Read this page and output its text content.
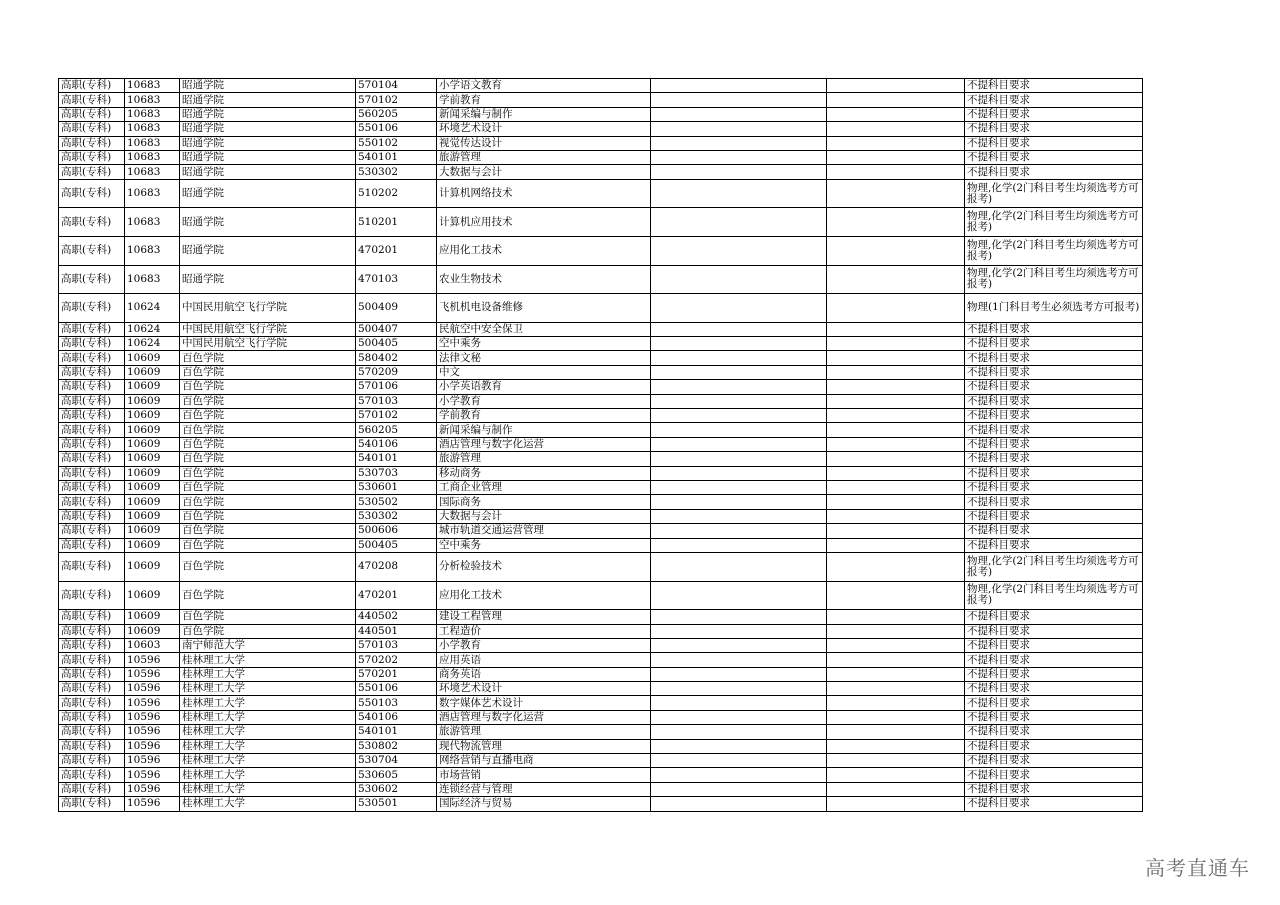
高职(专科)	10683	昭通学院	570104	小学语文教育			不提科目要求
高职(专科)	10683	昭通学院	570102	学前教育			不提科目要求
高职(专科)	10683	昭通学院	560205	新闻采编与制作			不提科目要求
高职(专科)	10683	昭通学院	550106	环境艺术设计			不提科目要求
高职(专科)	10683	昭通学院	550102	视觉传达设计			不提科目要求
高职(专科)	10683	昭通学院	540101	旅游管理			不提科目要求
高职(专科)	10683	昭通学院	530302	大数据与会计			不提科目要求
高职(专科)	10683	昭通学院	510202	计算机网络技术			物理,化学(2门科目考生均须选考方可报考)
高职(专科)	10683	昭通学院	510201	计算机应用技术			物理,化学(2门科目考生均须选考方可报考)
高职(专科)	10683	昭通学院	470201	应用化工技术			物理,化学(2门科目考生均须选考方可报考)
高职(专科)	10683	昭通学院	470103	农业生物技术			物理,化学(2门科目考生均须选考方可报考)
高职(专科)	10624	中国民用航空飞行学院	500409	飞机机电设备维修			物理(1门科目考生必须选考方可报考)
高职(专科)	10624	中国民用航空飞行学院	500407	民航空中安全保卫			不提科目要求
高职(专科)	10624	中国民用航空飞行学院	500405	空中乘务			不提科目要求
高职(专科)	10609	百色学院	580402	法律文秘			不提科目要求
高职(专科)	10609	百色学院	570209	中文			不提科目要求
高职(专科)	10609	百色学院	570106	小学英语教育			不提科目要求
高职(专科)	10609	百色学院	570103	小学教育			不提科目要求
高职(专科)	10609	百色学院	570102	学前教育			不提科目要求
高职(专科)	10609	百色学院	560205	新闻采编与制作			不提科目要求
高职(专科)	10609	百色学院	540106	酒店管理与数字化运营			不提科目要求
高职(专科)	10609	百色学院	540101	旅游管理			不提科目要求
高职(专科)	10609	百色学院	530703	移动商务			不提科目要求
高职(专科)	10609	百色学院	530601	工商企业管理			不提科目要求
高职(专科)	10609	百色学院	530502	国际商务			不提科目要求
高职(专科)	10609	百色学院	530302	大数据与会计			不提科目要求
高职(专科)	10609	百色学院	500606	城市轨道交通运营管理			不提科目要求
高职(专科)	10609	百色学院	500405	空中乘务			不提科目要求
高职(专科)	10609	百色学院	470208	分析检验技术			物理,化学(2门科目考生均须选考方可报考)
高职(专科)	10609	百色学院	470201	应用化工技术			物理,化学(2门科目考生均须选考方可报考)
高职(专科)	10609	百色学院	440502	建设工程管理			不提科目要求
高职(专科)	10609	百色学院	440501	工程造价			不提科目要求
高职(专科)	10603	南宁师范大学	570103	小学教育			不提科目要求
高职(专科)	10596	桂林理工大学	570202	应用英语			不提科目要求
高职(专科)	10596	桂林理工大学	570201	商务英语			不提科目要求
高职(专科)	10596	桂林理工大学	550106	环境艺术设计			不提科目要求
高职(专科)	10596	桂林理工大学	550103	数字媒体艺术设计			不提科目要求
高职(专科)	10596	桂林理工大学	540106	酒店管理与数字化运营			不提科目要求
高职(专科)	10596	桂林理工大学	540101	旅游管理			不提科目要求
高职(专科)	10596	桂林理工大学	530802	现代物流管理			不提科目要求
高职(专科)	10596	桂林理工大学	530704	网络营销与直播电商			不提科目要求
高职(专科)	10596	桂林理工大学	530605	市场营销			不提科目要求
高职(专科)	10596	桂林理工大学	530602	连锁经营与管理			不提科目要求
高职(专科)	10596	桂林理工大学	530501	国际经济与贸易			不提科目要求
高考直通车
